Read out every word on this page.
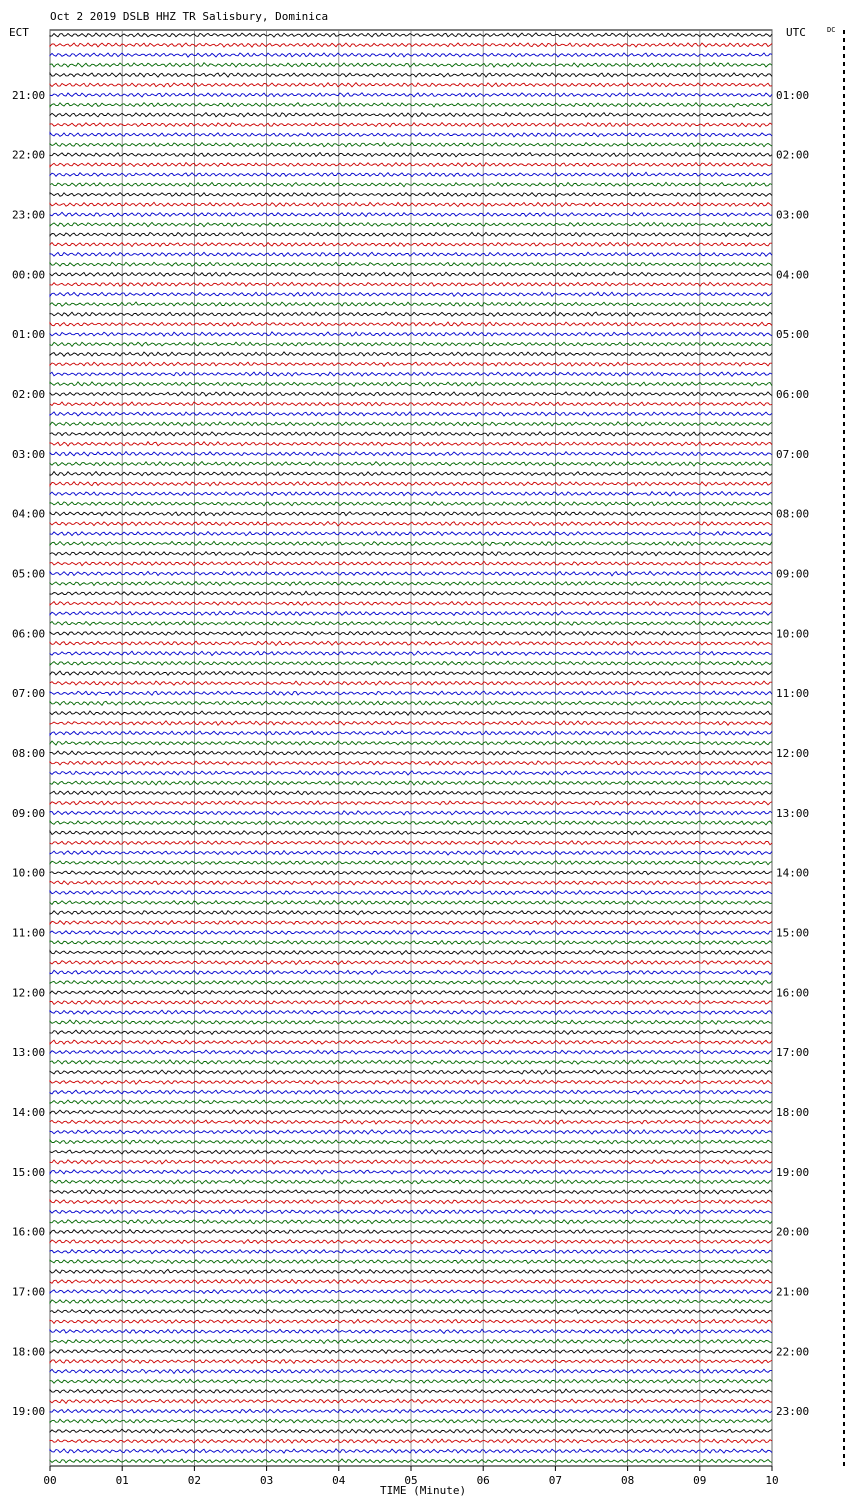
Oct 2 2019 DSLB HHZ TR Salisbury, Dominica
ECT	UTC	DC
21:00
22:00
23:00
00:00
01:00
02:00
03:00
04:00
05:00
06:00
07:00
08:00
09:00
10:00
11:00
12:00
13:00
14:00
15:00
16:00
17:00
18:00
19:00
01:00
02:00
03:00
04:00
05:00
06:00
07:00
08:00
09:00
10:00
11:00
12:00
13:00
14:00
15:00
16:00
17:00
18:00
19:00
20:00
21:00
22:00
23:00
00	01	02	03	04	05	06	07	08	09	10
TIME (Minute)
